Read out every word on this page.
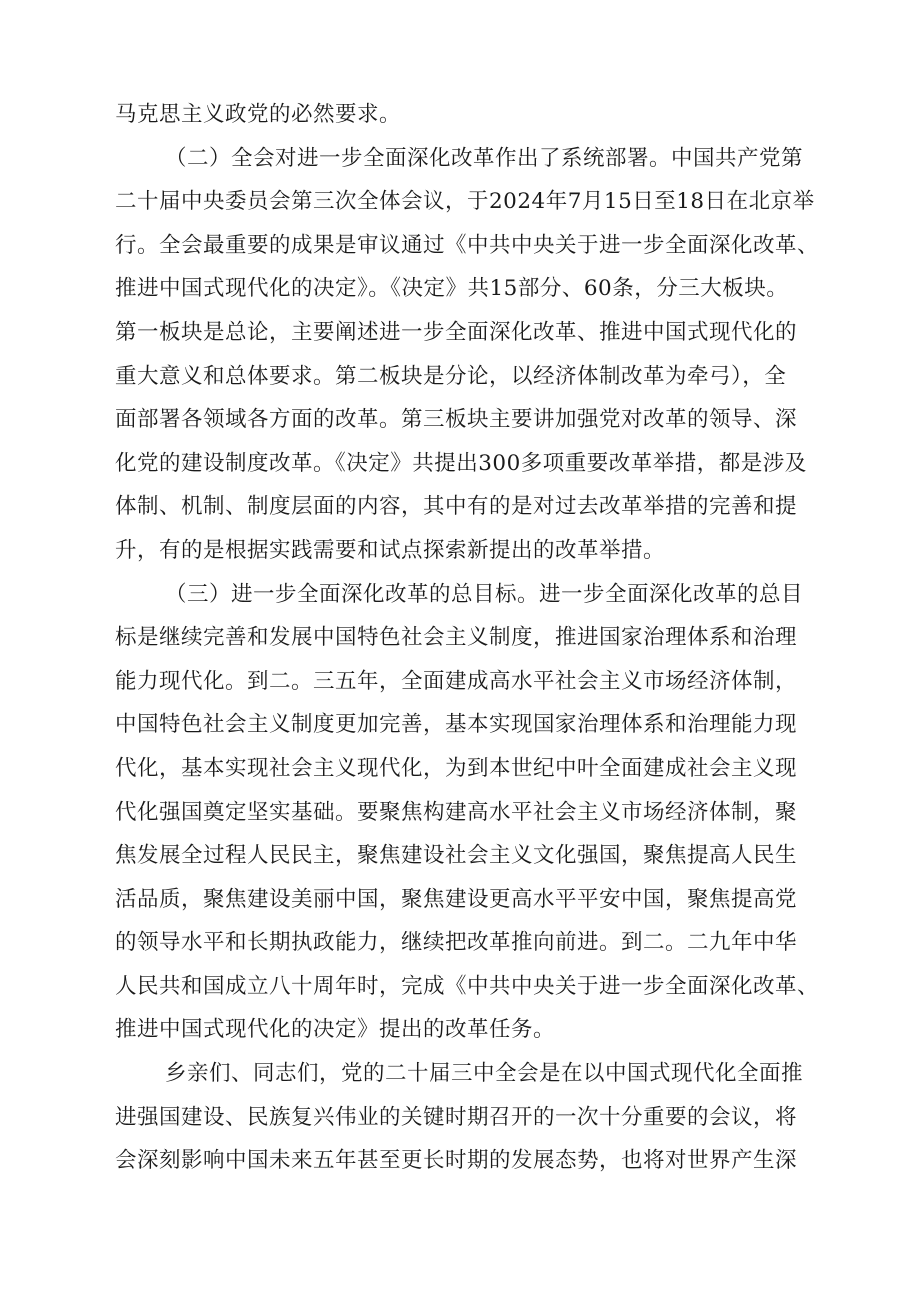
马克思主义政党的必然要求。
（二）全会对进一步全面深化改革作出了系统部署。中国共产党第
二十届中央委员会第三次全体会议，于2024年7月15日至18日在北京举
行。全会最重要的成果是审议通过《中共中央关于进一步全面深化改革、
推进中国式现代化的决定》。《决定》共15部分、60条，分三大板块。
第一板块是总论，主要阐述进一步全面深化改革、推进中国式现代化的
重大意义和总体要求。第二板块是分论，以经济体制改革为牵弓），全
面部署各领域各方面的改革。第三板块主要讲加强党对改革的领导、深
化党的建设制度改革。《决定》共提出300多项重要改革举措，都是涉及
体制、机制、制度层面的内容，其中有的是对过去改革举措的完善和提
升，有的是根据实践需要和试点探索新提出的改革举措。
（三）进一步全面深化改革的总目标。进一步全面深化改革的总目
标是继续完善和发展中国特色社会主义制度，推进国家治理体系和治理
能力现代化。到二。三五年，全面建成高水平社会主义市场经济体制，
中国特色社会主义制度更加完善，基本实现国家治理体系和治理能力现
代化，基本实现社会主义现代化，为到本世纪中叶全面建成社会主义现
代化强国奠定坚实基础。要聚焦构建高水平社会主义市场经济体制，聚
焦发展全过程人民民主，聚焦建设社会主义文化强国，聚焦提高人民生
活品质，聚焦建设美丽中国，聚焦建设更高水平平安中国，聚焦提高党
的领导水平和长期执政能力，继续把改革推向前进。到二。二九年中华
人民共和国成立八十周年时，完成《中共中央关于进一步全面深化改革、
推进中国式现代化的决定》提出的改革任务。
乡亲们、同志们，党的二十届三中全会是在以中国式现代化全面推
进强国建设、民族复兴伟业的关键时期召开的一次十分重要的会议，将
会深刻影响中国未来五年甚至更长时期的发展态势，也将对世界产生深
